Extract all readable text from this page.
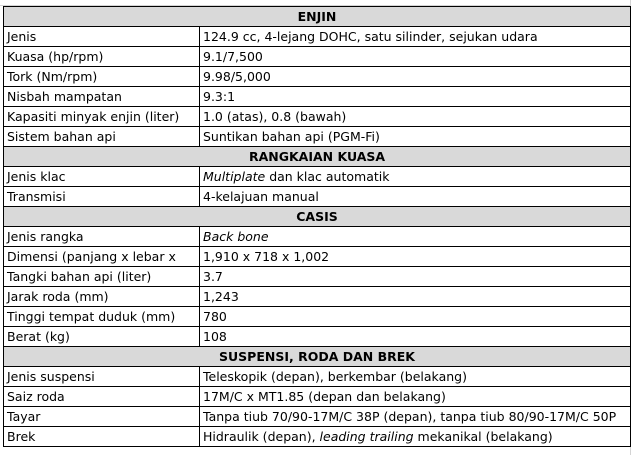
ENJIN	
Jenis	124.9 cc, 4-lejang DOHC, satu silinder, sejukan udara
Kuasa (hp/rpm)	9.1/7,500
Tork (Nm/rpm)	9.98/5,000
Nisbah mampatan	9.3:1
Kapasiti minyak enjin (liter)	1.0 (atas), 0.8 (bawah)
Sistem bahan api	Suntikan bahan api (PGM-Fi)
RANGKAIAN KUASA	
Jenis klac	Multiplate dan klac automatik
Transmisi	4-kelajuan manual
CASIS	
Jenis rangka	Back bone
Dimensi (panjang x lebar x	1,910 x 718 x 1,002
Tangki bahan api (liter)	3.7
Jarak roda (mm)	1,243
Tinggi tempat duduk (mm)	780
Berat (kg)	108
SUSPENSI, RODA DAN BREK	
Jenis suspensi	Teleskopik (depan), berkembar (belakang)
Saiz roda	17M/C x MT1.85 (depan dan belakang)
Tayar	Tanpa tiub 70/90-17M/C 38P (depan), tanpa tiub 80/90-17M/C 50P
Brek	Hidraulik (depan), leading trailing mekanikal (belakang)
